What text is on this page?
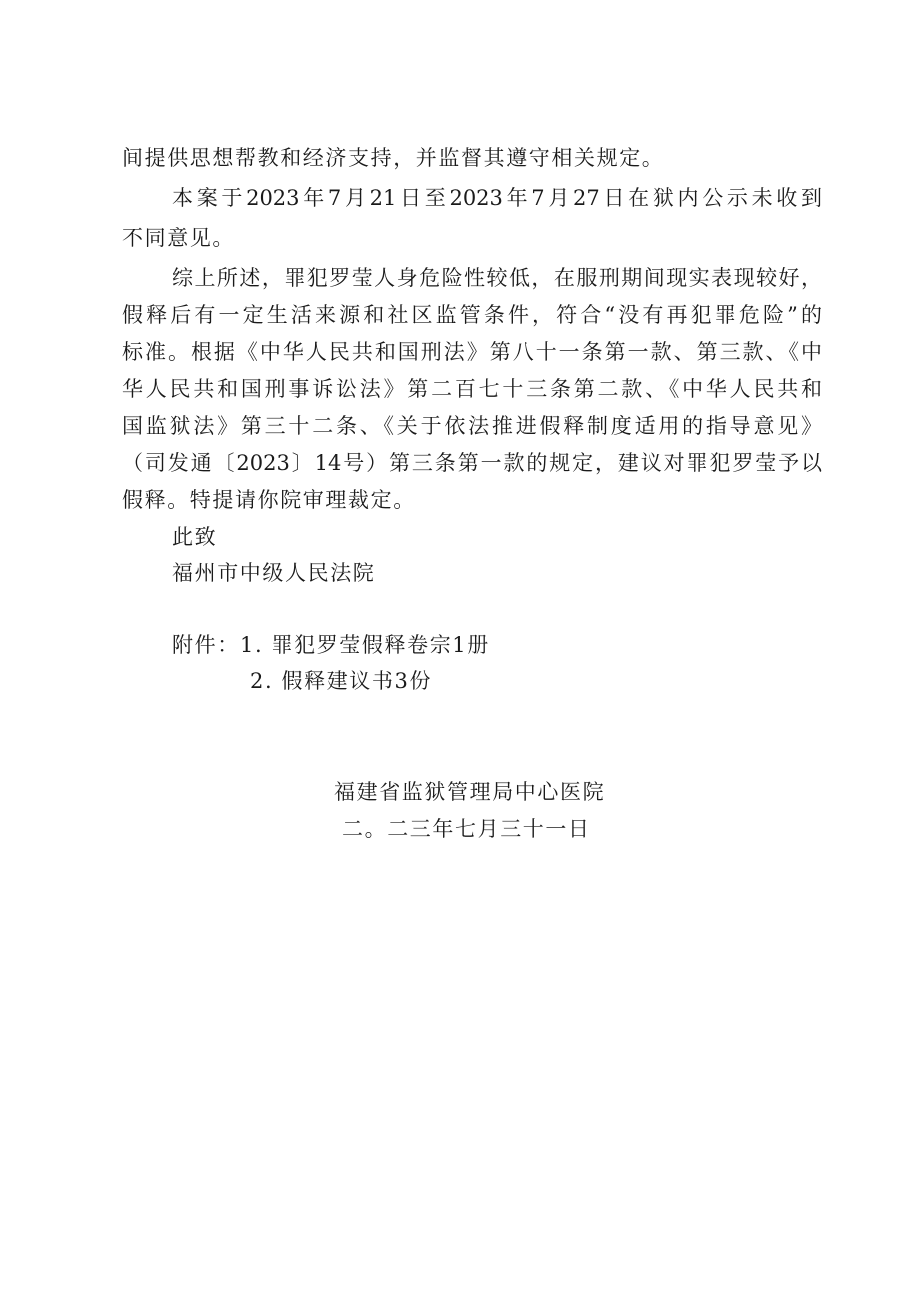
间提供思想帮教和经济支持，并监督其遵守相关规定。
本案于2023年7月21日至2023年7月27日在狱内公示未收到
不同意见。
综上所述，罪犯罗莹人身危险性较低，在服刑期间现实表现较好，
假释后有一定生活来源和社区监管条件，符合“没有再犯罪危险”的
标准。根据《中华人民共和国刑法》第八十一条第一款、第三款、《中
华人民共和国刑事诉讼法》第二百七十三条第二款、《中华人民共和
国监狱法》第三十二条、《关于依法推进假释制度适用的指导意见》
（司发通〔2023〕14号）第三条第一款的规定，建议对罪犯罗莹予以
假释。特提请你院审理裁定。
此致
福州市中级人民法院
附件： 1. 罪犯罗莹假释卷宗1册
2. 假释建议书3份
福建省监狱管理局中心医院
二。二三年七月三十一日
